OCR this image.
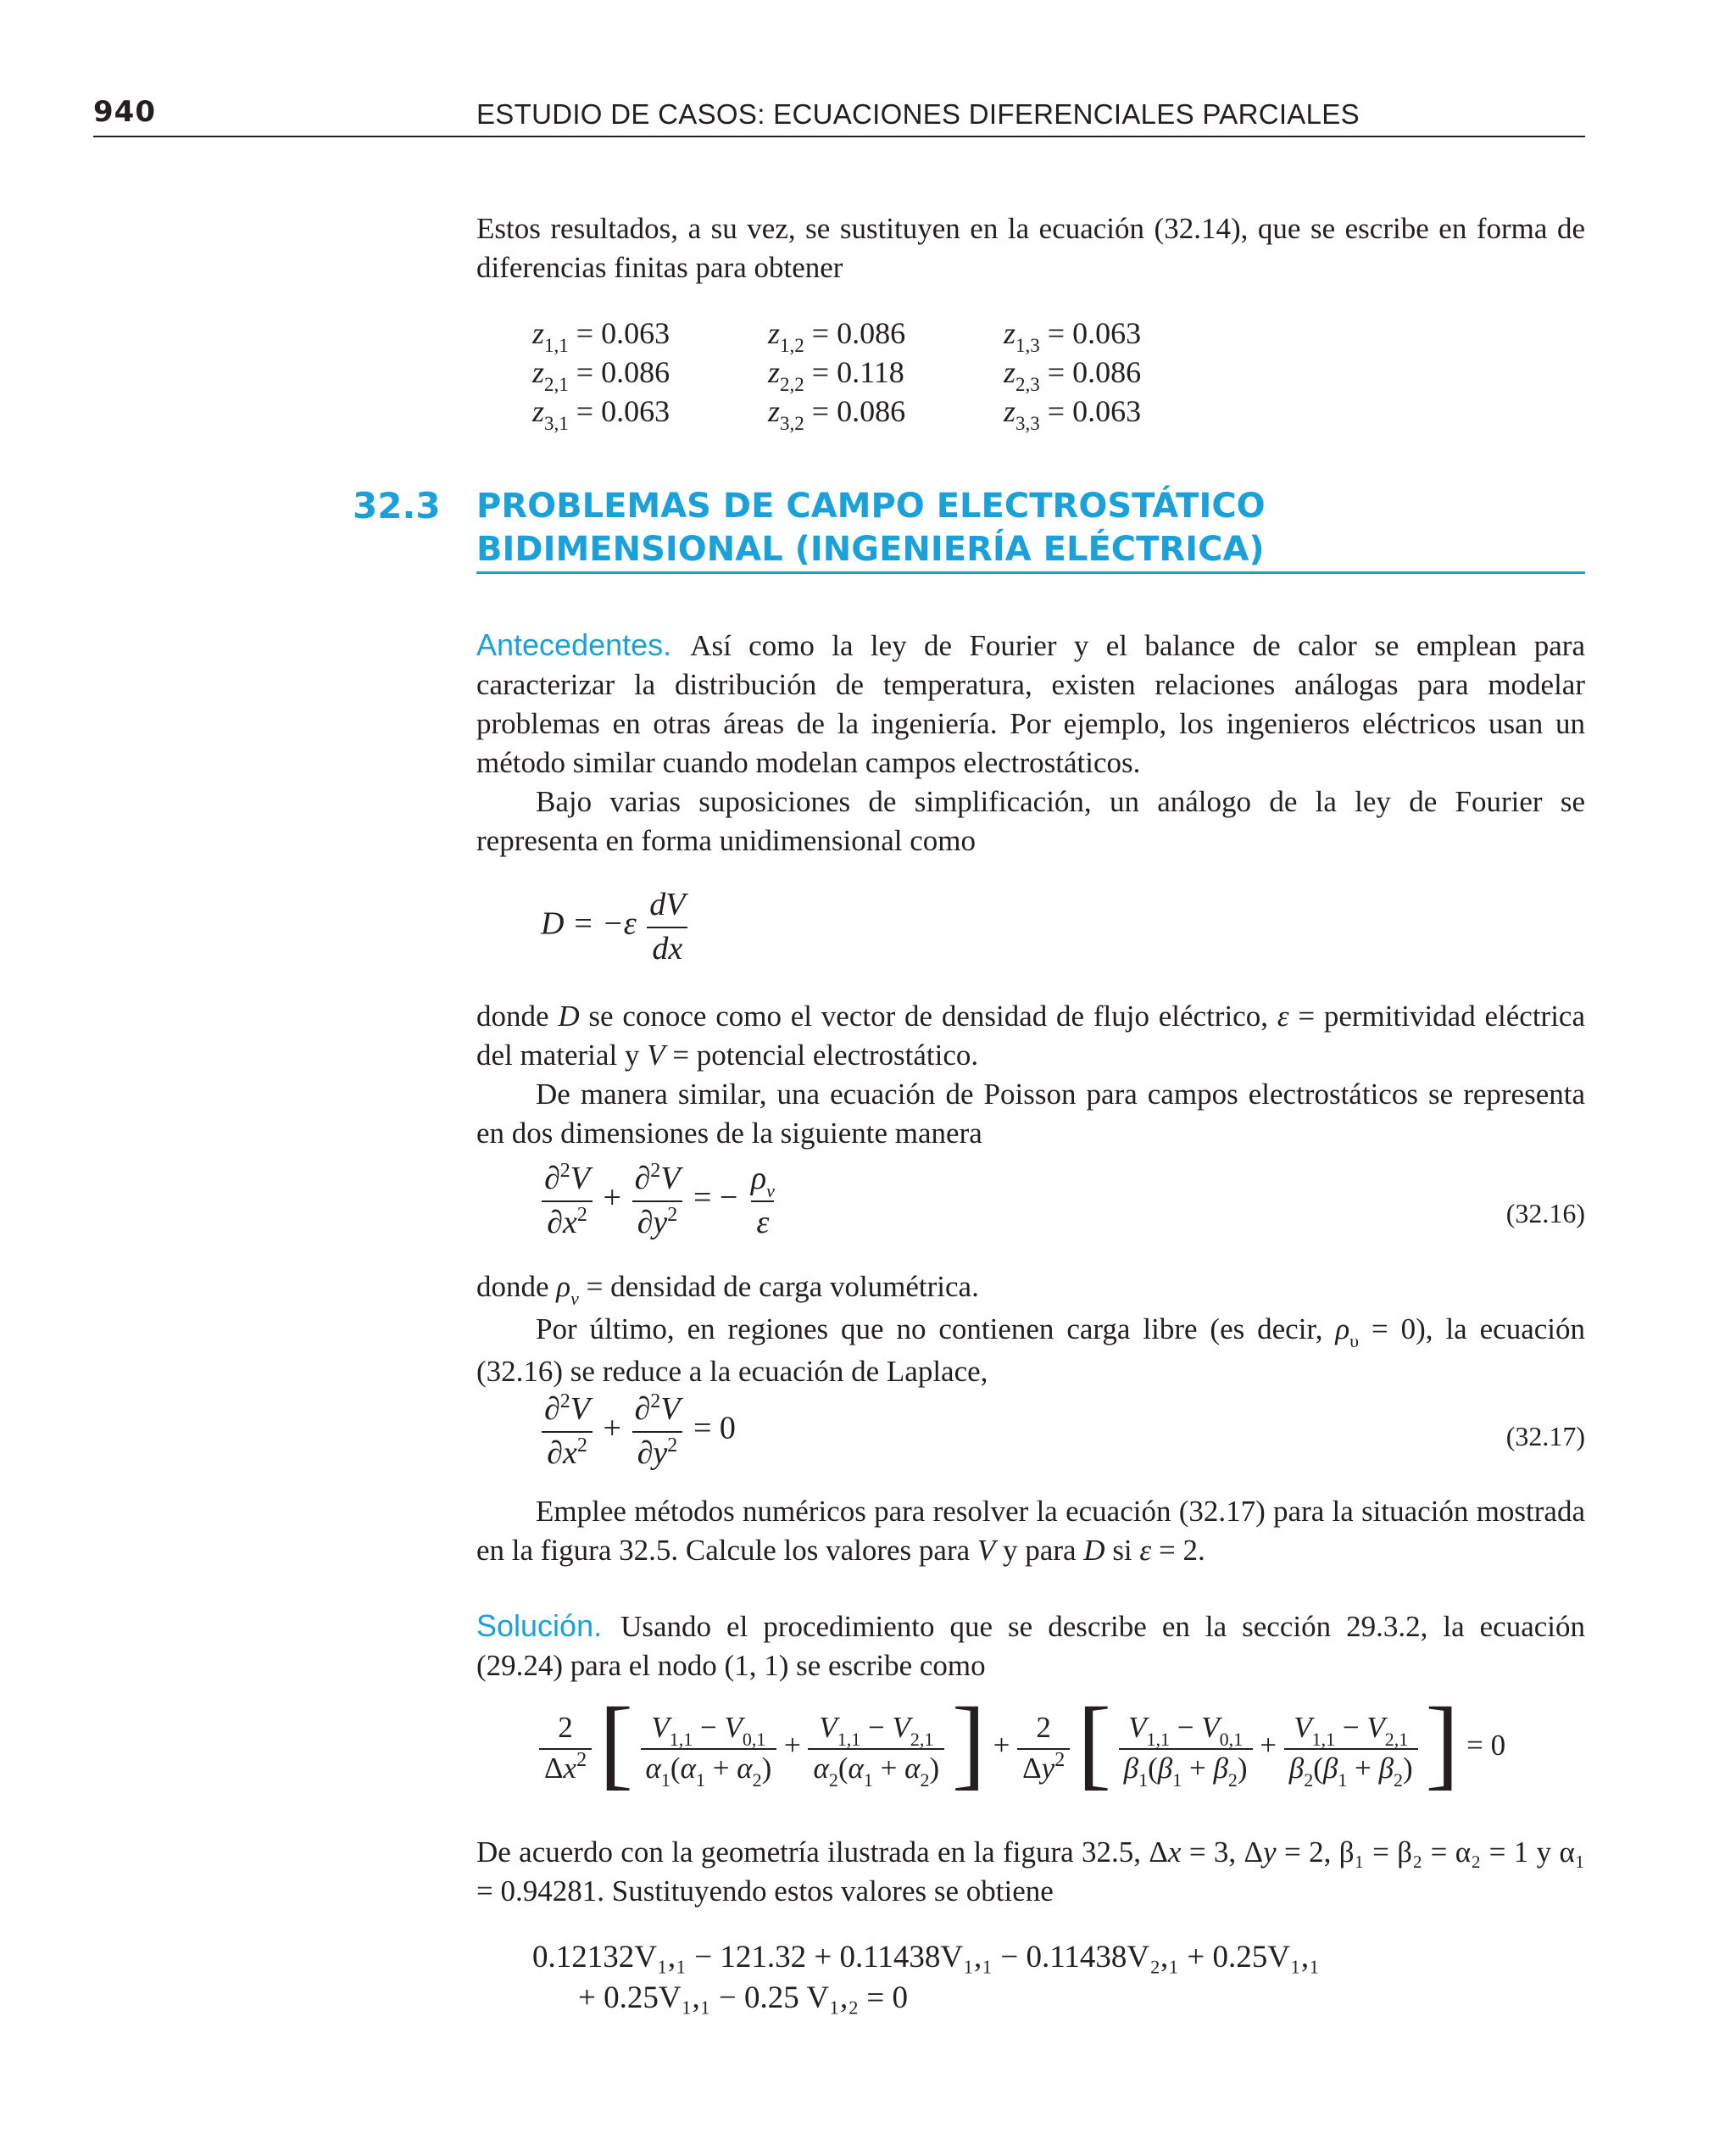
940	ESTUDIO DE CASOS: ECUACIONES DIFERENCIALES PARCIALES

Estos resultados, a su vez, se sustituyen en la ecuación (32.14), que se escribe en forma de diferencias finitas para obtener

$z_{1,1} = 0.063$	$z_{1,2} = 0.086$	$z_{1,3} = 0.063$
$z_{2,1} = 0.086$	$z_{2,2} = 0.118$	$z_{2,3} = 0.086$
$z_{3,1} = 0.063$	$z_{3,2} = 0.086$	$z_{3,3} = 0.063$
32.3 PROBLEMAS DE CAMPO ELECTROSTÁTICO
BIDIMENSIONAL (INGENIERÍA ELÉCTRICA)

Antecedentes. Así como la ley de Fourier y el balance de calor se emplean para caracterizar la distribución de temperatura, existen relaciones análogas para modelar problemas en otras áreas de la ingeniería. Por ejemplo, los ingenieros eléctricos usan un método similar cuando modelan campos electrostáticos.

Bajo varias suposiciones de simplificación, un análogo de la ley de Fourier se representa en forma unidimensional como

$D = -\varepsilon \frac{dV}{dx}$

donde D se conoce como el vector de densidad de flujo eléctrico, ε = permitividad eléctrica del material y V = potencial electrostático.

De manera similar, una ecuación de Poisson para campos electrostáticos se representa en dos dimensiones de la siguiente manera

$\frac{\partial^2V}{\partial x^2} + \frac{\partial^2V}{\partial y^2}$ = − $\frac{\rho_v}{\varepsilon}$	(32.16)

donde $\rho_v$ = densidad de carga volumétrica.

Por último, en regiones que no contienen carga libre (es decir, $\rho_\upsilon = 0$), la ecuación (32.16) se reduce a la ecuación de Laplace,

$\frac{\partial^2V}{\partial x^2} + \frac{\partial^2V}{\partial y^2} = 0$	(32.17)

Emplee métodos numéricos para resolver la ecuación (32.17) para la situación mostrada en la figura 32.5. Calcule los valores para V y para D si ε = 2.

Solución. Usando el procedimiento que se describe en la sección 29.3.2, la ecuación (29.24) para el nodo (1, 1) se escribe como

$\frac{2}{\Delta x^2}$ [ $\frac{V_{1,1} - V_{0,1}}{\alpha_1(\alpha_1 + \alpha_2)} + \frac{V_{1,1} - V_{2,1}}{\alpha_2(\alpha_1 + \alpha_2)}$ ] + $\frac{2}{\Delta y^2}$ [ $\frac{V_{1,1} - V_{0,1}}{\beta_1(\beta_1 + \beta_2)} + \frac{V_{1,1} - V_{2,1}}{\beta_2(\beta_1 + \beta_2)}$ ] = 0

De acuerdo con la geometría ilustrada en la figura 32.5, Δx = 3, Δy = 2, β₁ = β₂ = α₂ = 1 y α₁ = 0.94281. Sustituyendo estos valores se obtiene

0.12132V₁,₁ − 121.32 + 0.11438V₁,₁ − 0.11438V₂,₁ + 0.25V₁,₁
+ 0.25V₁,₁ − 0.25 V₁,₂ = 0
